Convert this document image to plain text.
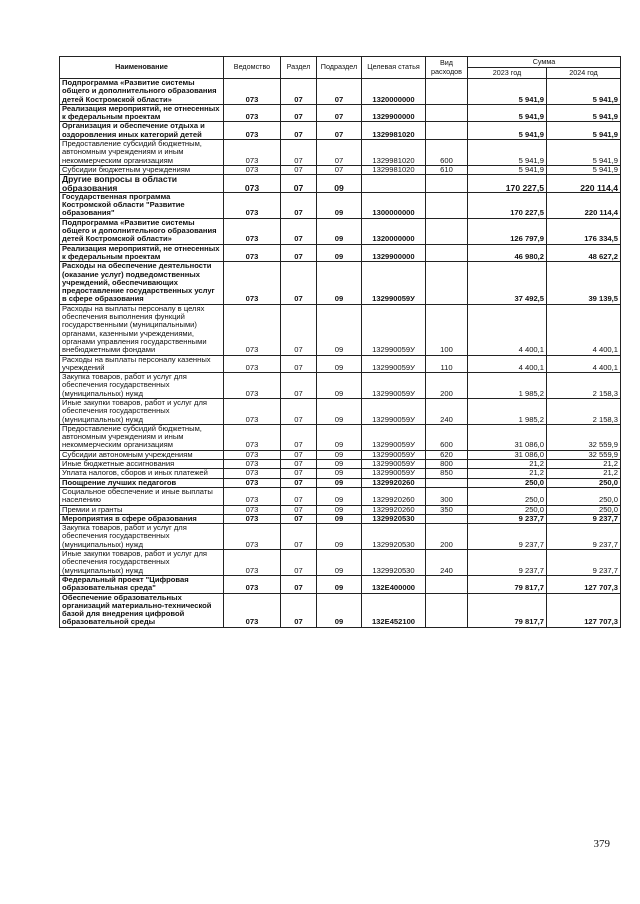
Наименование	Ведомство	Раздел	Подраздел	Целевая статья	Вид расходов	Сумма	
						2023 год	2024 год
Подпрограмма «Развитие системы общего и дополнительного образования детей Костромской области»	073	07	07	1320000000		5 941,9	5 941,9
Реализация мероприятий, не отнесенных к федеральным проектам	073	07	07	1329900000		5 941,9	5 941,9
Организация и обеспечение отдыха и оздоровления иных категорий детей	073	07	07	1329981020		5 941,9	5 941,9
Предоставление субсидий бюджетным, автономным учреждениям и иным некоммерческим организациям	073	07	07	1329981020	600	5 941,9	5 941,9
Субсидии бюджетным учреждениям	073	07	07	1329981020	610	5 941,9	5 941,9
Другие вопросы в области образования	073	07	09			170 227,5	220 114,4
Государственная программа Костромской области "Развитие образования"	073	07	09	1300000000		170 227,5	220 114,4
Подпрограмма «Развитие системы общего и дополнительного образования детей Костромской области»	073	07	09	1320000000		126 797,9	176 334,5
Реализация мероприятий, не отнесенных к федеральным проектам	073	07	09	1329900000		46 980,2	48 627,2
Расходы на обеспечение деятельности (оказание услуг) подведомственных учреждений, обеспечивающих предоставление государственных услуг в сфере образования	073	07	09	132990059У		37 492,5	39 139,5
Расходы на выплаты персоналу в целях обеспечения выполнения функций государственными (муниципальными) органами, казенными учреждениями, органами управления государственными внебюджетными фондами	073	07	09	132990059У	100	4 400,1	4 400,1
Расходы на выплаты персоналу казенных учреждений	073	07	09	132990059У	110	4 400,1	4 400,1
Закупка товаров, работ и услуг для обеспечения государственных (муниципальных) нужд	073	07	09	132990059У	200	1 985,2	2 158,3
Иные закупки товаров, работ и услуг для обеспечения государственных (муниципальных) нужд	073	07	09	132990059У	240	1 985,2	2 158,3
Предоставление субсидий бюджетным, автономным учреждениям и иным некоммерческим организациям	073	07	09	132990059У	600	31 086,0	32 559,9
Субсидии автономным учреждениям	073	07	09	132990059У	620	31 086,0	32 559,9
Иные бюджетные ассигнования	073	07	09	132990059У	800	21,2	21,2
Уплата налогов, сборов и иных платежей	073	07	09	132990059У	850	21,2	21,2
Поощрение лучших педагогов	073	07	09	1329920260		250,0	250,0
Социальное обеспечение и иные выплаты населению	073	07	09	1329920260	300	250,0	250,0
Премии и гранты	073	07	09	1329920260	350	250,0	250,0
Мероприятия в сфере образования	073	07	09	1329920530		9 237,7	9 237,7
Закупка товаров, работ и услуг для обеспечения государственных (муниципальных) нужд	073	07	09	1329920530	200	9 237,7	9 237,7
Иные закупки товаров, работ и услуг для обеспечения государственных (муниципальных) нужд	073	07	09	1329920530	240	9 237,7	9 237,7
Федеральный проект "Цифровая образовательная среда"	073	07	09	132E400000		79 817,7	127 707,3
Обеспечение образовательных организаций материально-технической базой для внедрения цифровой образовательной среды	073	07	09	132E452100		79 817,7	127 707,3
379
